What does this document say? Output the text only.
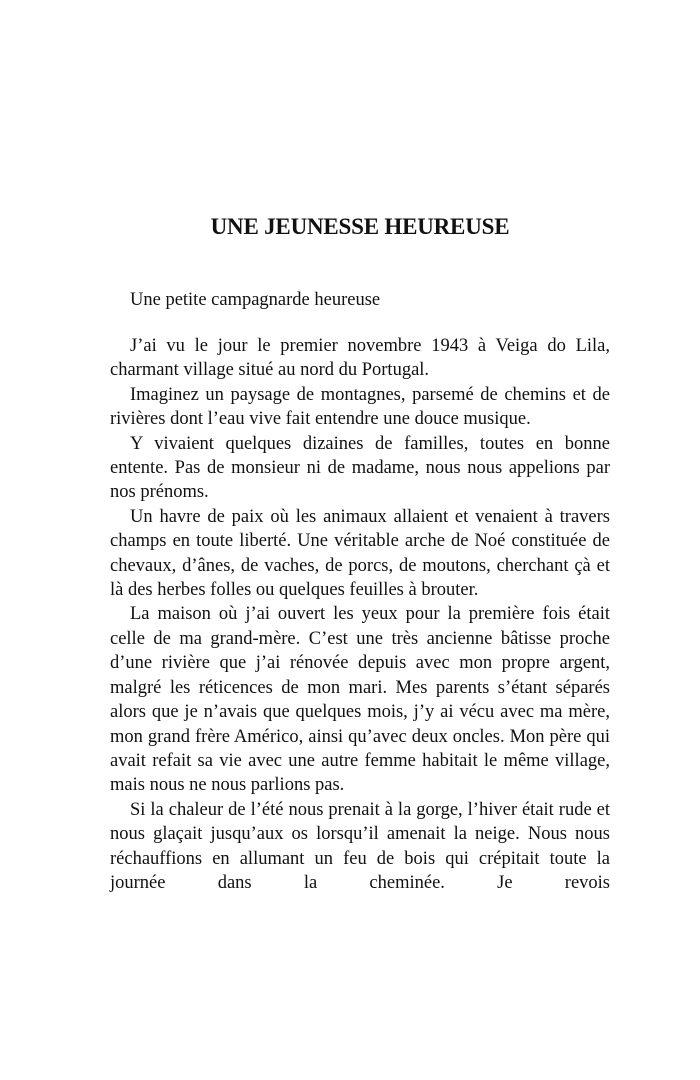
UNE JEUNESSE HEUREUSE

Une petite campagnarde heureuse

J’ai vu le jour le premier novembre 1943 à Veiga do Lila, charmant village situé au nord du Portugal.

Imaginez un paysage de montagnes, parsemé de chemins et de rivières dont l’eau vive fait entendre une douce musique.

Y vivaient quelques dizaines de familles, toutes en bonne entente. Pas de monsieur ni de madame, nous nous appelions par nos prénoms.

Un havre de paix où les animaux allaient et venaient à travers champs en toute liberté. Une véritable arche de Noé constituée de chevaux, d’ânes, de vaches, de porcs, de moutons, cherchant çà et là des herbes folles ou quelques feuilles à brouter.

La maison où j’ai ouvert les yeux pour la première fois était celle de ma grand-mère. C’est une très ancienne bâtisse proche d’une rivière que j’ai rénovée depuis avec mon propre argent, malgré les réticences de mon mari. Mes parents s’étant séparés alors que je n’avais que quelques mois, j’y ai vécu avec ma mère, mon grand frère Américo, ainsi qu’avec deux oncles. Mon père qui avait refait sa vie avec une autre femme habitait le même village, mais nous ne nous parlions pas.

Si la chaleur de l’été nous prenait à la gorge, l’hiver était rude et nous glaçait jusqu’aux os lorsqu’il amenait la neige. Nous nous réchauffions en allumant un feu de bois qui crépitait toute la journée dans la cheminée. Je revois
